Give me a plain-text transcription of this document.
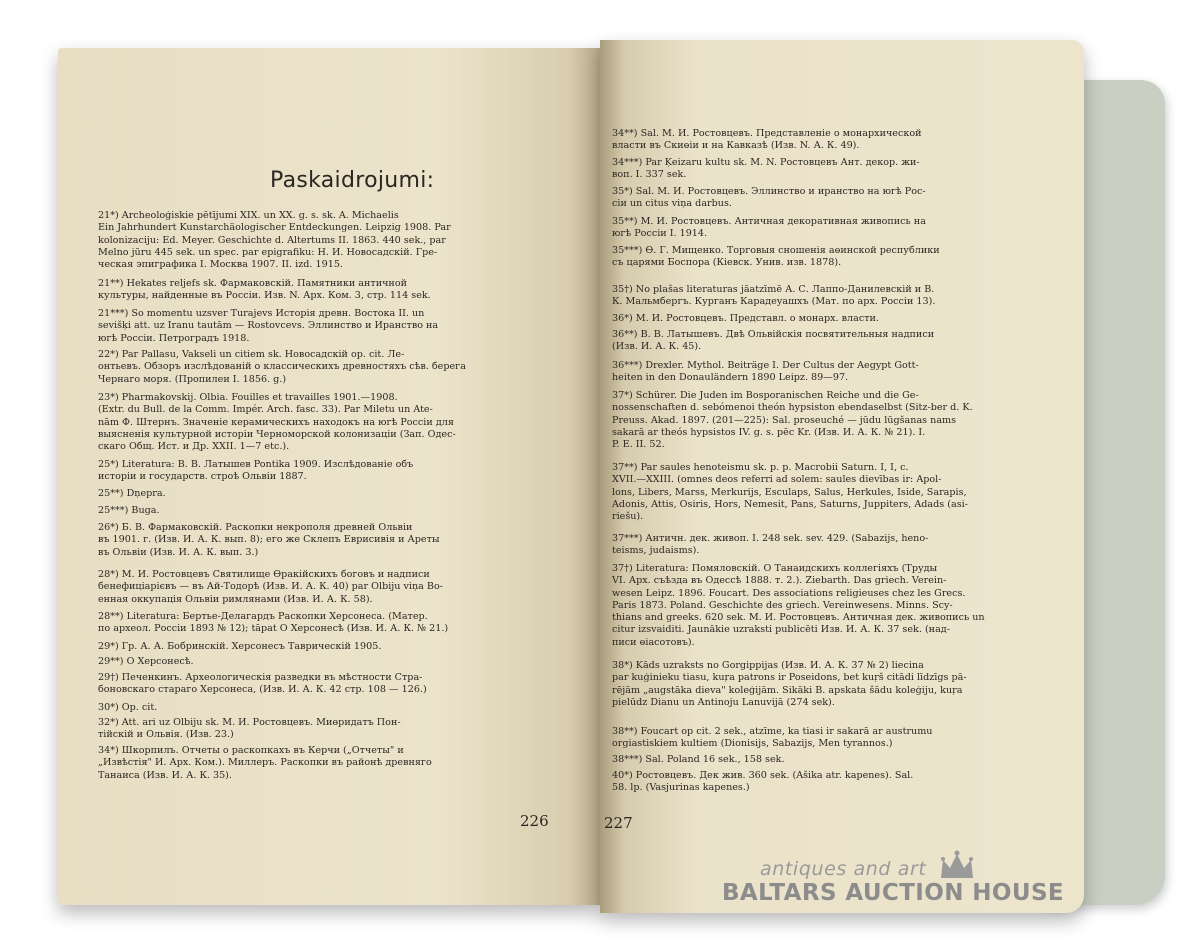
Paskaidrojumi:
21*) Archeoloģiskie pētījumi XIX. un XX. g. s. sk. A. Michaelis
Ein Jahrhundert Kunstarchäologischer Entdeckungen. Leipzig 1908. Par
kolonizaciju: Ed. Meyer. Geschichte d. Altertums II. 1863. 440 sek., par
Melno jūru 445 sek. un spec. par epigrafiku: Н. И. Новосадскій. Гре-
ческая эпиграфика I. Москва 1907. II. izd. 1915.
21**) Hekates reljefs sk. Фармаковскій. Памятники античной
культуры, найденные въ Россіи. Изв. N. Арх. Ком. 3, стр. 114 sek.
21***) So momentu uzsver Turajevs Исторія древн. Востока II. un
sevišķi att. uz Iranu tautām — Rostovcevs. Эллинство и Иранство на
югѣ Россіи. Петроградъ 1918.
22*) Par Pallasu, Vakseli un citiem sk. Новосадскій op. cit. Ле-
онтьевъ. Обзоръ изслѣдованій о классическихъ древностяхъ сѣв. берега
Чернаго моря. (Пропилеи I. 1856. g.)
23*) Pharmakovskij. Olbia. Fouilles et travailles 1901.—1908.
(Extr. du Bull. de la Comm. Impér. Arch. fasc. 33). Par Miletu un Ate-
nām Ф. Штернъ. Значеніе керамическихъ находокъ на югѣ Россіи для
выясненія культурной исторіи Черноморской колонизаціи (Зап. Одес-
скаго Общ. Ист. и Др. XXII. 1—7 etc.).
25*) Literatura: В. В. Латышев Pontika 1909. Изслѣдованіе объ
исторіи и государств. строѣ Ольвіи 1887.
25**) Dņepra.
25***) Buga.
26*) Б. В. Фармаковскій. Раскопки некрополя древней Ольвіи
въ 1901. г. (Изв. И. А. К. вып. 8); его же Склепъ Еврисивія и Ареты
въ Ольвіи (Изв. И. А. К. вып. 3.)
28*) М. И. Ростовцевъ Святилище Өракійскихъ боговъ и надписи
бенефиціарієвъ — въ Ай-Тодорѣ (Изв. И. А. К. 40) par Olbiju viņa Bo-
енная оккупація Ольвіи римлянами (Изв. И. А. К. 58).
28**) Literatura: Бертье-Делагардъ Раскопки Херсонеса. (Матер.
по археол. Россіи 1893 № 12); tāpat О Херсонесѣ (Изв. И. А. К. № 21.)
29*) Гр. А. А. Бобринскій. Херсонесъ Таврическій 1905.
29**) О Херсонесѣ.
29†) Печенкинъ. Археологическія разведки въ мѣстности Стра-
боновскаго стараго Херсонеса, (Изв. И. А. К. 42 стр. 108 — 126.)
30*) Op. cit.
32*) Att. ari uz Olbiju sk. М. И. Ростовцевъ. Миөридатъ Пон-
тійскій и Ольвія. (Изв. 23.)
34*) Шкорпилъ. Отчеты о раскопкахъ въ Керчи („Отчеты" и
„Извѣстія" И. Арх. Ком.). Миллеръ. Раскопки въ районѣ древняго
Танаиса (Изв. И. А. К. 35).
34**) Sal. М. И. Ростовцевъ. Представленіе о монархической
власти въ Скиөіи и на Кавказѣ (Изв. N. А. К. 49).
34***) Par Ķeizaru kultu sk. M. N. Ростовцевъ Ант. декор. жи-
вoп. I. 337 sek.
35*) Sal. М. И. Ростовцевъ. Эллинство и иранство на югѣ Рос-
сіи un citus viņa darbus.
35**) М. И. Ростовцевъ. Античная декоративная живопись на
югѣ Россіи I. 1914.
35***) Ө. Г. Мищенко. Торговыя сношенія аөинской республики
съ царями Боспора (Кіевск. Унив. изв. 1878).
35†) No plašas literaturas jāatzīmē А. С. Лаппо-Данилевскій и В.
К. Мальмбергъ. Курганъ Карадеуашхъ (Мат. по арх. Россіи 13).
36*) М. И. Ростовцевъ. Представл. о монарх. власти.
36**) В. В. Латышевъ. Двѣ Ольвійскія посвятительныя надписи
(Изв. И. А. К. 45).
36***) Drexler. Mythol. Beiträge I. Der Cultus der Aegypt Gott-
heiten in den Donauländern 1890 Leipz. 89—97.
37*) Schürer. Die Juden im Bosporanischen Reiche und die Ge-
nossenschaften d. sebómenoi theón hypsiston ebendaselbst (Sitz-ber d. K.
Preuss. Akad. 1897. (201—225): Sal. proseuché — jūdu lūgšanas nams
sakarā ar theós hypsistos IV. g. s. pēc Kr. (Изв. И. А. К. № 21). I.
P. E. II. 52.
37**) Par saules henoteismu sk. p. p. Macrobii Saturn. I, I, c.
XVII.—XXIII. (omnes deos referri ad solem: saules dievības ir: Apol-
lons, Libers, Marss, Merkurijs, Esculaps, Salus, Herkules, Iside, Sarapis,
Adonis, Attis, Osiris, Hors, Nemesit, Pans, Saturns, Juppiters, Adads (asi-
riešu).
37***) Античн. дек. живоп. I. 248 sek. sev. 429. (Sabazijs, heno-
teisms, judaisms).
37†) Literatura: Помяловскій. О Танаидскихъ коллегіяхъ (Труды
VI. Арх. съѣзда въ Одессѣ 1888. т. 2.). Ziebarth. Das griech. Verein-
wesen Leipz. 1896. Foucart. Des associations religieuses chez les Grecs.
Paris 1873. Poland. Geschichte des griech. Vereinwesens. Minns. Scy-
thians and greeks. 620 sek. М. И. Ростовцевъ. Античная дек. живопись un
citur izsvaiditi. Jaunākie uzraksti publicēti Изв. И. А. К. 37 sek. (над-
писи өіасотовъ).
38*) Kāds uzraksts no Gorgippijas (Изв. И. А. К. 37 № 2) liecina
par kuģinieku tiasu, kuŗa patrons ir Poseidons, bet kuŗš citādi līdzīgs pā-
rējām „augstāka dieva" koleģijām. Sikāki B. apskata šādu koleģiju, kuŗa
pielūdz Dianu un Antinoju Lanuvijā (274 sek).
38**) Foucart op cit. 2 sek., atzīme, ka tiasi ir sakarā ar austrumu
orgiastiskiem kultiem (Dionisijs, Sabazijs, Men tyrannos.)
38***) Sal. Poland 16 sek., 158 sek.
40*) Ростовцевъ. Дек жив. 360 sek. (Ašika atr. kapenes). Sal.
58. lp. (Vasjurinas kapenes.)
226	227
antiques and art
BALTARS AUCTION HOUSE
